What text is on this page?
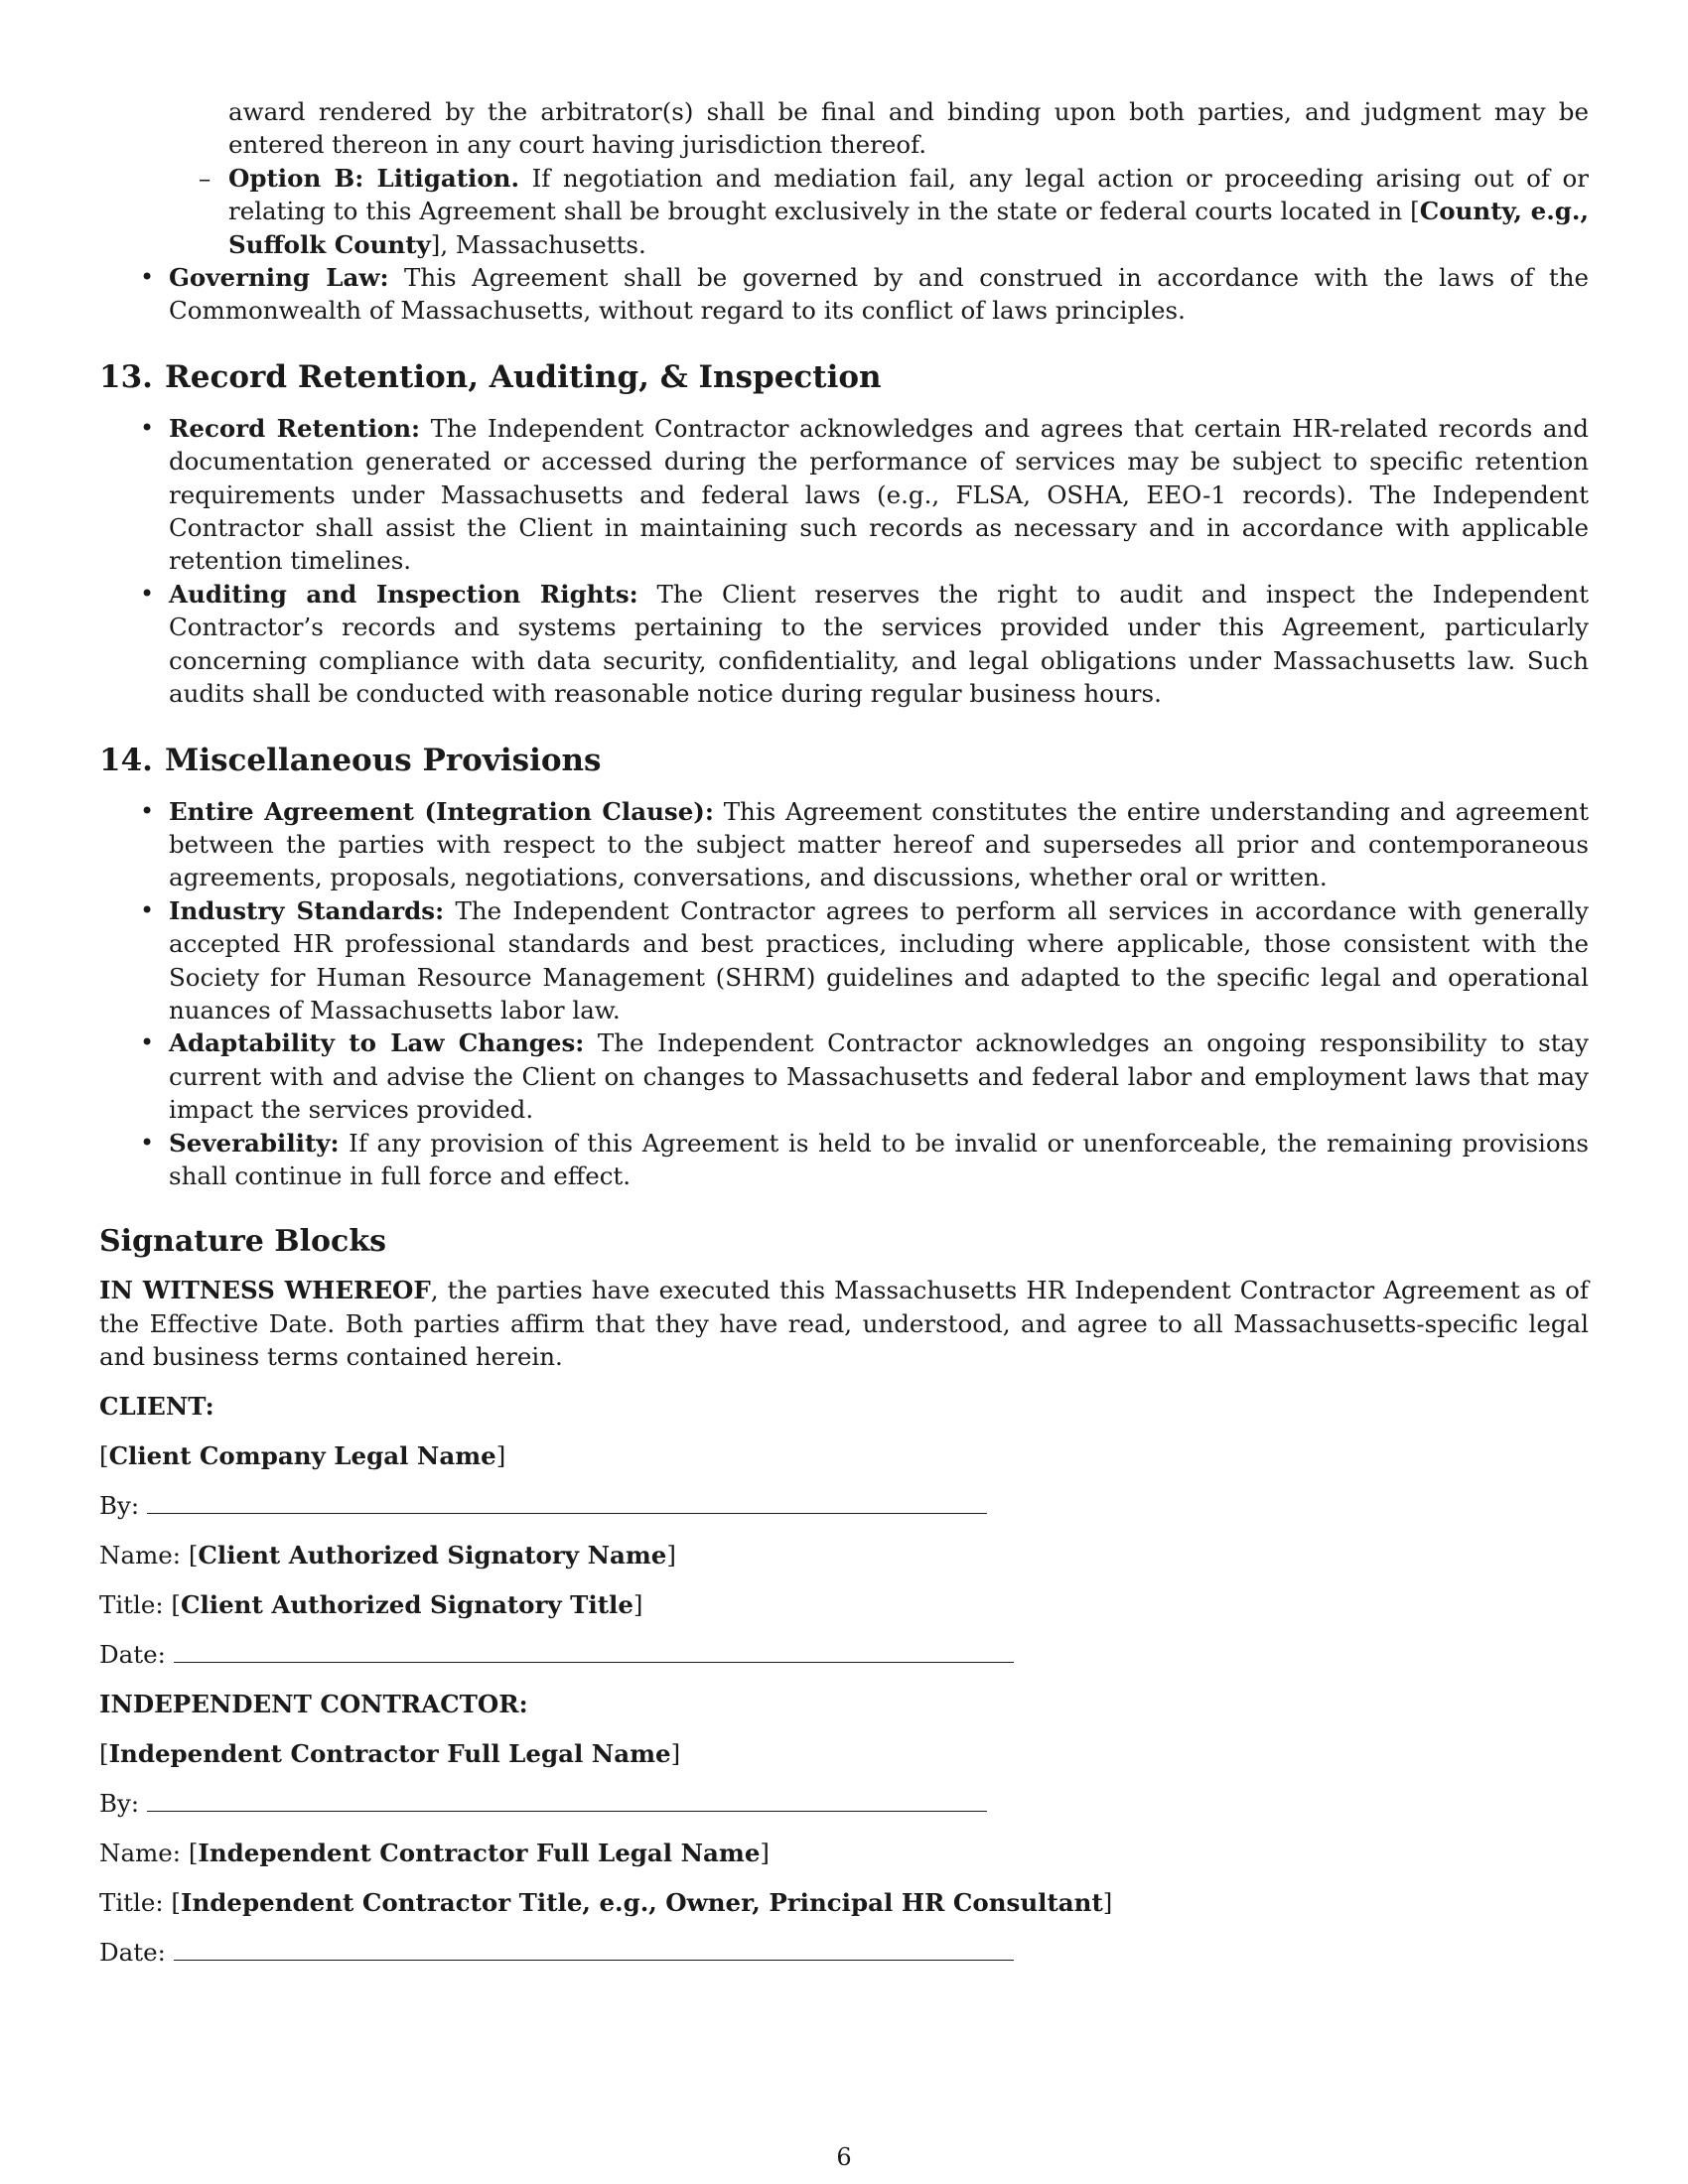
award rendered by the arbitrator(s) shall be final and binding upon both parties, and judgment may be entered thereon in any court having jurisdiction thereof.
– Option B: Litigation. If negotiation and mediation fail, any legal action or proceeding arising out of or relating to this Agreement shall be brought exclusively in the state or federal courts located in [County, e.g., Suffolk County], Massachusetts.
• Governing Law: This Agreement shall be governed by and construed in accordance with the laws of the Commonwealth of Massachusetts, without regard to its conflict of laws principles.
13. Record Retention, Auditing, & Inspection
• Record Retention: The Independent Contractor acknowledges and agrees that certain HR-related records and documentation generated or accessed during the performance of services may be subject to specific retention requirements under Massachusetts and federal laws (e.g., FLSA, OSHA, EEO-1 records). The Independent Contractor shall assist the Client in maintaining such records as necessary and in accordance with applicable retention timelines.
• Auditing and Inspection Rights: The Client reserves the right to audit and inspect the Independent Contractor’s records and systems pertaining to the services provided under this Agreement, particularly concerning compliance with data security, confidentiality, and legal obligations under Massachusetts law. Such audits shall be conducted with reasonable notice during regular business hours.
14. Miscellaneous Provisions
• Entire Agreement (Integration Clause): This Agreement constitutes the entire understanding and agreement between the parties with respect to the subject matter hereof and supersedes all prior and contemporaneous agreements, proposals, negotiations, conversations, and discussions, whether oral or written.
• Industry Standards: The Independent Contractor agrees to perform all services in accordance with generally accepted HR professional standards and best practices, including where applicable, those consistent with the Society for Human Resource Management (SHRM) guidelines and adapted to the specific legal and operational nuances of Massachusetts labor law.
• Adaptability to Law Changes: The Independent Contractor acknowledges an ongoing responsibility to stay current with and advise the Client on changes to Massachusetts and federal labor and employment laws that may impact the services provided.
• Severability: If any provision of this Agreement is held to be invalid or unenforceable, the remaining provisions shall continue in full force and effect.
Signature Blocks

IN WITNESS WHEREOF, the parties have executed this Massachusetts HR Independent Contractor Agreement as of the Effective Date. Both parties affirm that they have read, understood, and agree to all Massachusetts-specific legal and business terms contained herein.

CLIENT:

[Client Company Legal Name]

By:

Name: [Client Authorized Signatory Name]

Title: [Client Authorized Signatory Title]

Date:

INDEPENDENT CONTRACTOR:

[Independent Contractor Full Legal Name]

By:

Name: [Independent Contractor Full Legal Name]

Title: [Independent Contractor Title, e.g., Owner, Principal HR Consultant]

Date:

6
